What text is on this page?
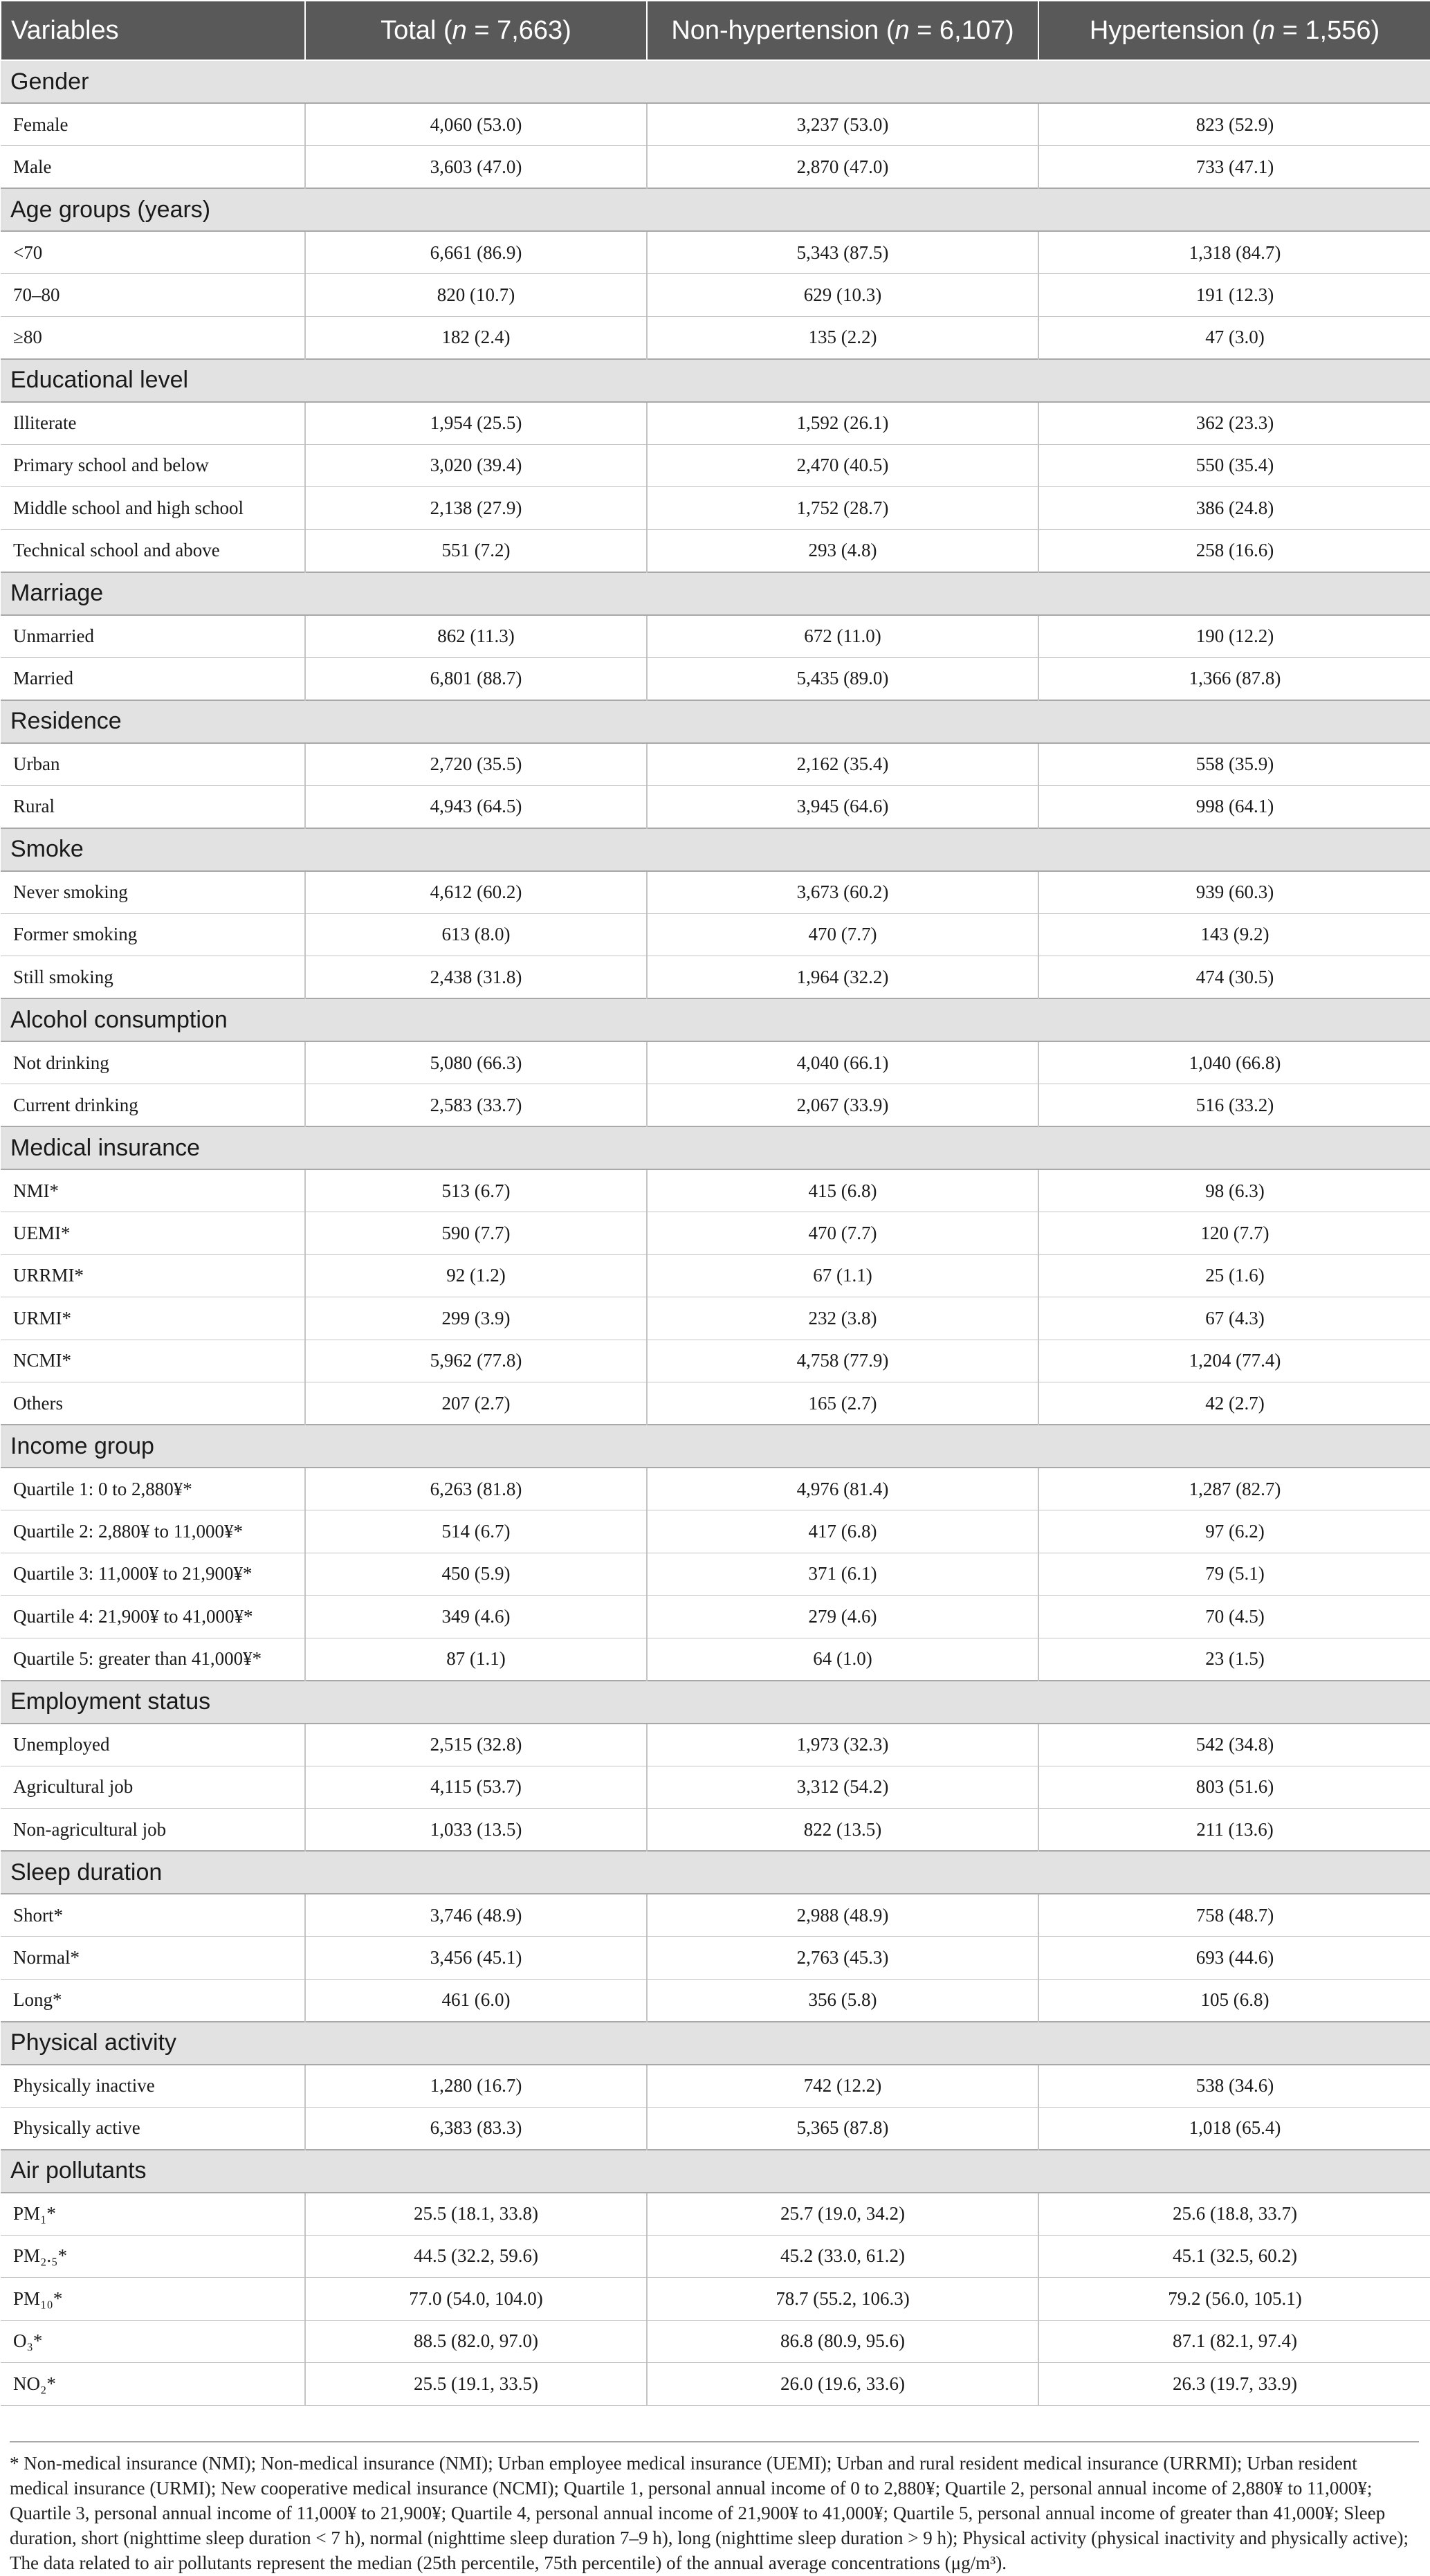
Variables	Total (n = 7,663)	Non-hypertension (n = 6,107)	Hypertension (n = 1,556)
Gender			
Female	4,060 (53.0)	3,237 (53.0)	823 (52.9)
Male	3,603 (47.0)	2,870 (47.0)	733 (47.1)
Age groups (years)			
<70	6,661 (86.9)	5,343 (87.5)	1,318 (84.7)
70–80	820 (10.7)	629 (10.3)	191 (12.3)
≥80	182 (2.4)	135 (2.2)	47 (3.0)
Educational level			
Illiterate	1,954 (25.5)	1,592 (26.1)	362 (23.3)
Primary school and below	3,020 (39.4)	2,470 (40.5)	550 (35.4)
Middle school and high school	2,138 (27.9)	1,752 (28.7)	386 (24.8)
Technical school and above	551 (7.2)	293 (4.8)	258 (16.6)
Marriage			
Unmarried	862 (11.3)	672 (11.0)	190 (12.2)
Married	6,801 (88.7)	5,435 (89.0)	1,366 (87.8)
Residence			
Urban	2,720 (35.5)	2,162 (35.4)	558 (35.9)
Rural	4,943 (64.5)	3,945 (64.6)	998 (64.1)
Smoke			
Never smoking	4,612 (60.2)	3,673 (60.2)	939 (60.3)
Former smoking	613 (8.0)	470 (7.7)	143 (9.2)
Still smoking	2,438 (31.8)	1,964 (32.2)	474 (30.5)
Alcohol consumption			
Not drinking	5,080 (66.3)	4,040 (66.1)	1,040 (66.8)
Current drinking	2,583 (33.7)	2,067 (33.9)	516 (33.2)
Medical insurance			
NMI*	513 (6.7)	415 (6.8)	98 (6.3)
UEMI*	590 (7.7)	470 (7.7)	120 (7.7)
URRMI*	92 (1.2)	67 (1.1)	25 (1.6)
URMI*	299 (3.9)	232 (3.8)	67 (4.3)
NCMI*	5,962 (77.8)	4,758 (77.9)	1,204 (77.4)
Others	207 (2.7)	165 (2.7)	42 (2.7)
Income group			
Quartile 1: 0 to 2,880¥*	6,263 (81.8)	4,976 (81.4)	1,287 (82.7)
Quartile 2: 2,880¥ to 11,000¥*	514 (6.7)	417 (6.8)	97 (6.2)
Quartile 3: 11,000¥ to 21,900¥*	450 (5.9)	371 (6.1)	79 (5.1)
Quartile 4: 21,900¥ to 41,000¥*	349 (4.6)	279 (4.6)	70 (4.5)
Quartile 5: greater than 41,000¥*	87 (1.1)	64 (1.0)	23 (1.5)
Employment status			
Unemployed	2,515 (32.8)	1,973 (32.3)	542 (34.8)
Agricultural job	4,115 (53.7)	3,312 (54.2)	803 (51.6)
Non-agricultural job	1,033 (13.5)	822 (13.5)	211 (13.6)
Sleep duration			
Short*	3,746 (48.9)	2,988 (48.9)	758 (48.7)
Normal*	3,456 (45.1)	2,763 (45.3)	693 (44.6)
Long*	461 (6.0)	356 (5.8)	105 (6.8)
Physical activity			
Physically inactive	1,280 (16.7)	742 (12.2)	538 (34.6)
Physically active	6,383 (83.3)	5,365 (87.8)	1,018 (65.4)
Air pollutants			
PM₁*	25.5 (18.1, 33.8)	25.7 (19.0, 34.2)	25.6 (18.8, 33.7)
PM₂.₅*	44.5 (32.2, 59.6)	45.2 (33.0, 61.2)	45.1 (32.5, 60.2)
PM₁₀*	77.0 (54.0, 104.0)	78.7 (55.2, 106.3)	79.2 (56.0, 105.1)
O₃*	88.5 (82.0, 97.0)	86.8 (80.9, 95.6)	87.1 (82.1, 97.4)
NO₂*	25.5 (19.1, 33.5)	26.0 (19.6, 33.6)	26.3 (19.7, 33.9)
* Non-medical insurance (NMI); Non-medical insurance (NMI); Urban employee medical insurance (UEMI); Urban and rural resident medical insurance (URRMI); Urban resident medical insurance (URMI); New cooperative medical insurance (NCMI); Quartile 1, personal annual income of 0 to 2,880¥; Quartile 2, personal annual income of 2,880¥ to 11,000¥; Quartile 3, personal annual income of 11,000¥ to 21,900¥; Quartile 4, personal annual income of 21,900¥ to 41,000¥; Quartile 5, personal annual income of greater than 41,000¥; Sleep duration, short (nighttime sleep duration < 7 h), normal (nighttime sleep duration 7–9 h), long (nighttime sleep duration > 9 h); Physical activity (physical inactivity and physically active); The data related to air pollutants represent the median (25th percentile, 75th percentile) of the annual average concentrations (μg/m³).
